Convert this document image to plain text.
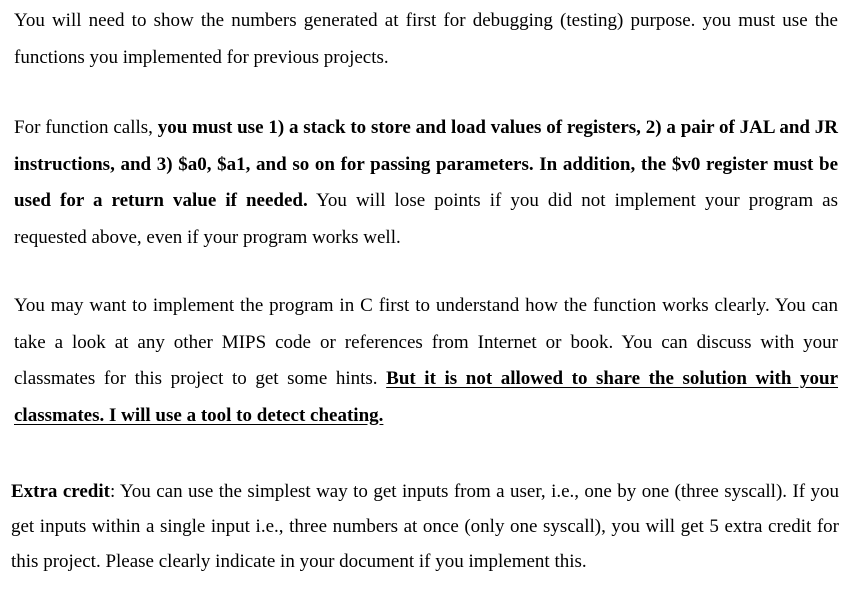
You will need to show the numbers generated at first for debugging (testing) purpose. you must use the functions you implemented for previous projects.

For function calls, you must use 1) a stack to store and load values of registers, 2) a pair of JAL and JR instructions, and 3) $a0, $a1, and so on for passing parameters. In addition, the $v0 register must be used for a return value if needed. You will lose points if you did not implement your program as requested above, even if your program works well.

You may want to implement the program in C first to understand how the function works clearly. You can take a look at any other MIPS code or references from Internet or book. You can discuss with your classmates for this project to get some hints. But it is not allowed to share the solution with your classmates. I will use a tool to detect cheating.

Extra credit: You can use the simplest way to get inputs from a user, i.e., one by one (three syscall). If you get inputs within a single input i.e., three numbers at once (only one syscall), you will get 5 extra credit for this project. Please clearly indicate in your document if you implement this.
